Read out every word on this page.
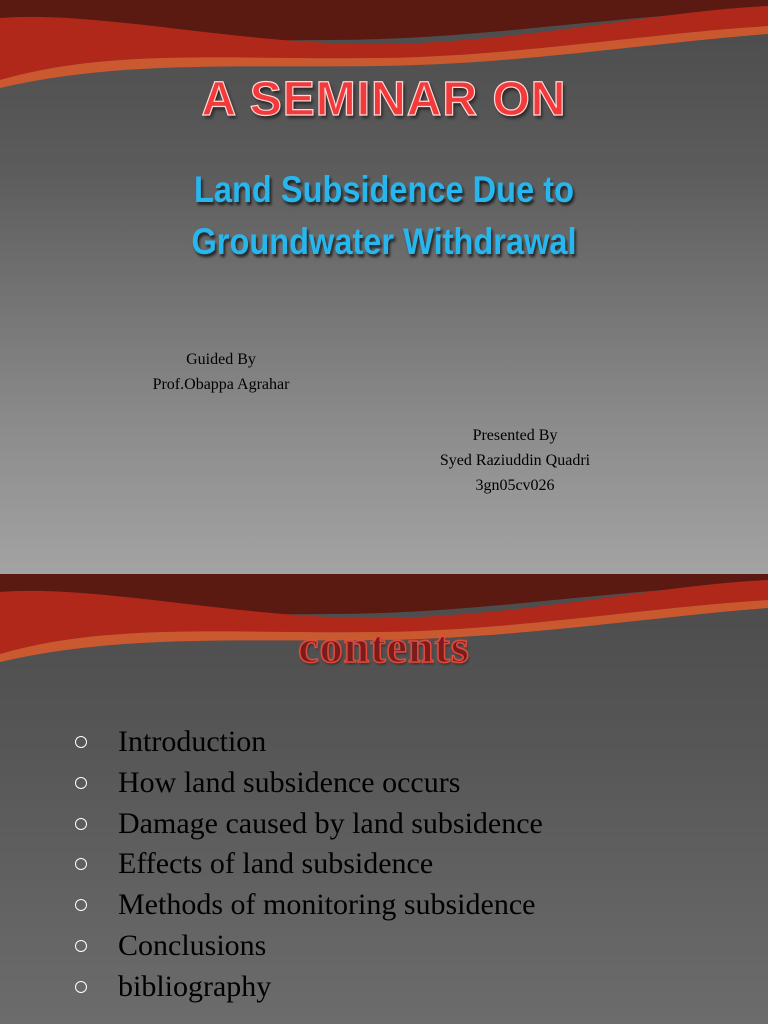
A SEMINAR ON
Land Subsidence Due to
Groundwater Withdrawal
Guided By
Prof.Obappa Agrahar
Presented By
Syed Raziuddin Quadri
3gn05cv026
contents
Introduction
How land subsidence occurs
Damage caused by land subsidence
Effects of land subsidence
Methods of monitoring subsidence
Conclusions
bibliography
